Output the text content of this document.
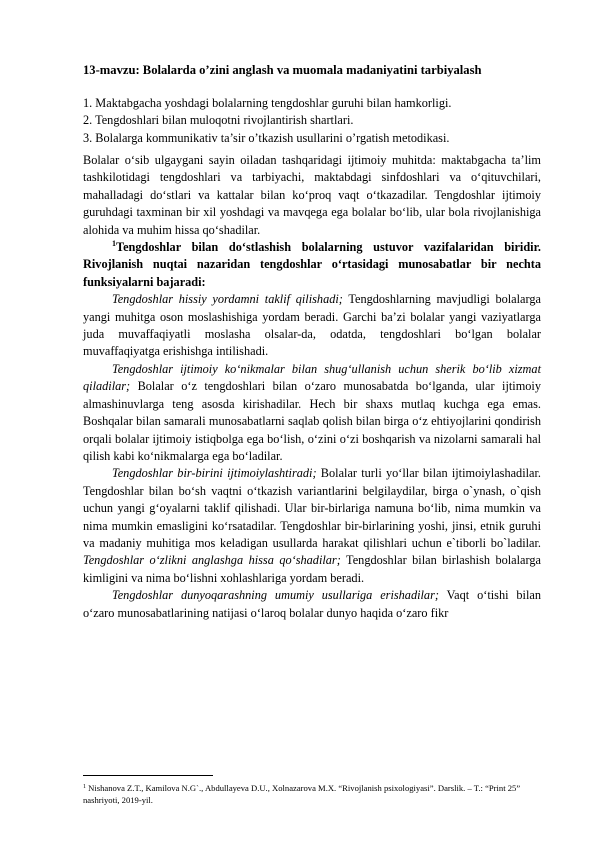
13-mavzu: Bolalarda o’zini anglash va muomala madaniyatini tarbiyalash
1. Maktabgacha yoshdagi bolalarning tengdoshlar guruhi bilan hamkorligi.
2. Tengdoshlari bilan muloqotni rivojlantirish shartlari.
3. Bolalarga kommunikativ ta’sir o’tkazish usullarini o’rgatish metodikasi.

Bolalar o‘sib ulgaygani sayin oiladan tashqaridagi ijtimoiy muhitda: maktabgacha ta’lim tashkilotidagi tengdoshlari va tarbiyachi, maktabdagi sinfdoshlari va o‘qituvchilari, mahalladagi do‘stlari va kattalar bilan ko‘proq vaqt o‘tkazadilar. Tengdoshlar ijtimoiy guruhdagi taxminan bir xil yoshdagi va mavqega ega bolalar bo‘lib, ular bola rivojlanishiga alohida va muhim hissa qo‘shadilar.

$^1$Tengdoshlar bilan do‘stlashish bolalarning ustuvor vazifalaridan biridir. Rivojlanish nuqtai nazaridan tengdoshlar o‘rtasidagi munosabatlar bir nechta funksiyalarni bajaradi:

Tengdoshlar hissiy yordamni taklif qilishadi; Tengdoshlarning mavjudligi bolalarga yangi muhitga oson moslashishiga yordam beradi. Garchi ba’zi bolalar yangi vaziyatlarga juda muvaffaqiyatli moslasha olsalar-da, odatda, tengdoshlari bo‘lgan bolalar muvaffaqiyatga erishishga intilishadi.

Tengdoshlar ijtimoiy ko‘nikmalar bilan shug‘ullanish uchun sherik bo‘lib xizmat qiladilar; Bolalar o‘z tengdoshlari bilan o‘zaro munosabatda bo‘lganda, ular ijtimoiy almashinuvlarga teng asosda kirishadilar. Hech bir shaxs mutlaq kuchga ega emas. Boshqalar bilan samarali munosabatlarni saqlab qolish bilan birga o‘z ehtiyojlarini qondirish orqali bolalar ijtimoiy istiqbolga ega bo‘lish, o‘zini o‘zi boshqarish va nizolarni samarali hal qilish kabi ko‘nikmalarga ega bo‘ladilar.

Tengdoshlar bir-birini ijtimoiylashtiradi; Bolalar turli yo‘llar bilan ijtimoiylashadilar. Tengdoshlar bilan bo‘sh vaqtni o‘tkazish variantlarini belgilaydilar, birga o`ynash, o`qish uchun yangi g‘oyalarni taklif qilishadi. Ular bir-birlariga namuna bo‘lib, nima mumkin va nima mumkin emasligini ko‘rsatadilar. Tengdoshlar bir-birlarining yoshi, jinsi, etnik guruhi va madaniy muhitiga mos keladigan usullarda harakat qilishlari uchun e`tiborli bo`ladilar. Tengdoshlar o‘zlikni anglashga hissa qo‘shadilar; Tengdoshlar bilan birlashish bolalarga kimligini va nima bo‘lishni xohlashlariga yordam beradi.

Tengdoshlar dunyoqarashning umumiy usullariga erishadilar; Vaqt o‘tishi bilan o‘zaro munosabatlarining natijasi o‘laroq bolalar dunyo haqida o‘zaro fikr

$^1$ Nishanova Z.T., Kamilova N.G`., Abdullayeva D.U., Xolnazarova M.X. “Rivojlanish psixologiyasi”. Darslik. – T.: “Print 25” nashriyoti, 2019-yil.
